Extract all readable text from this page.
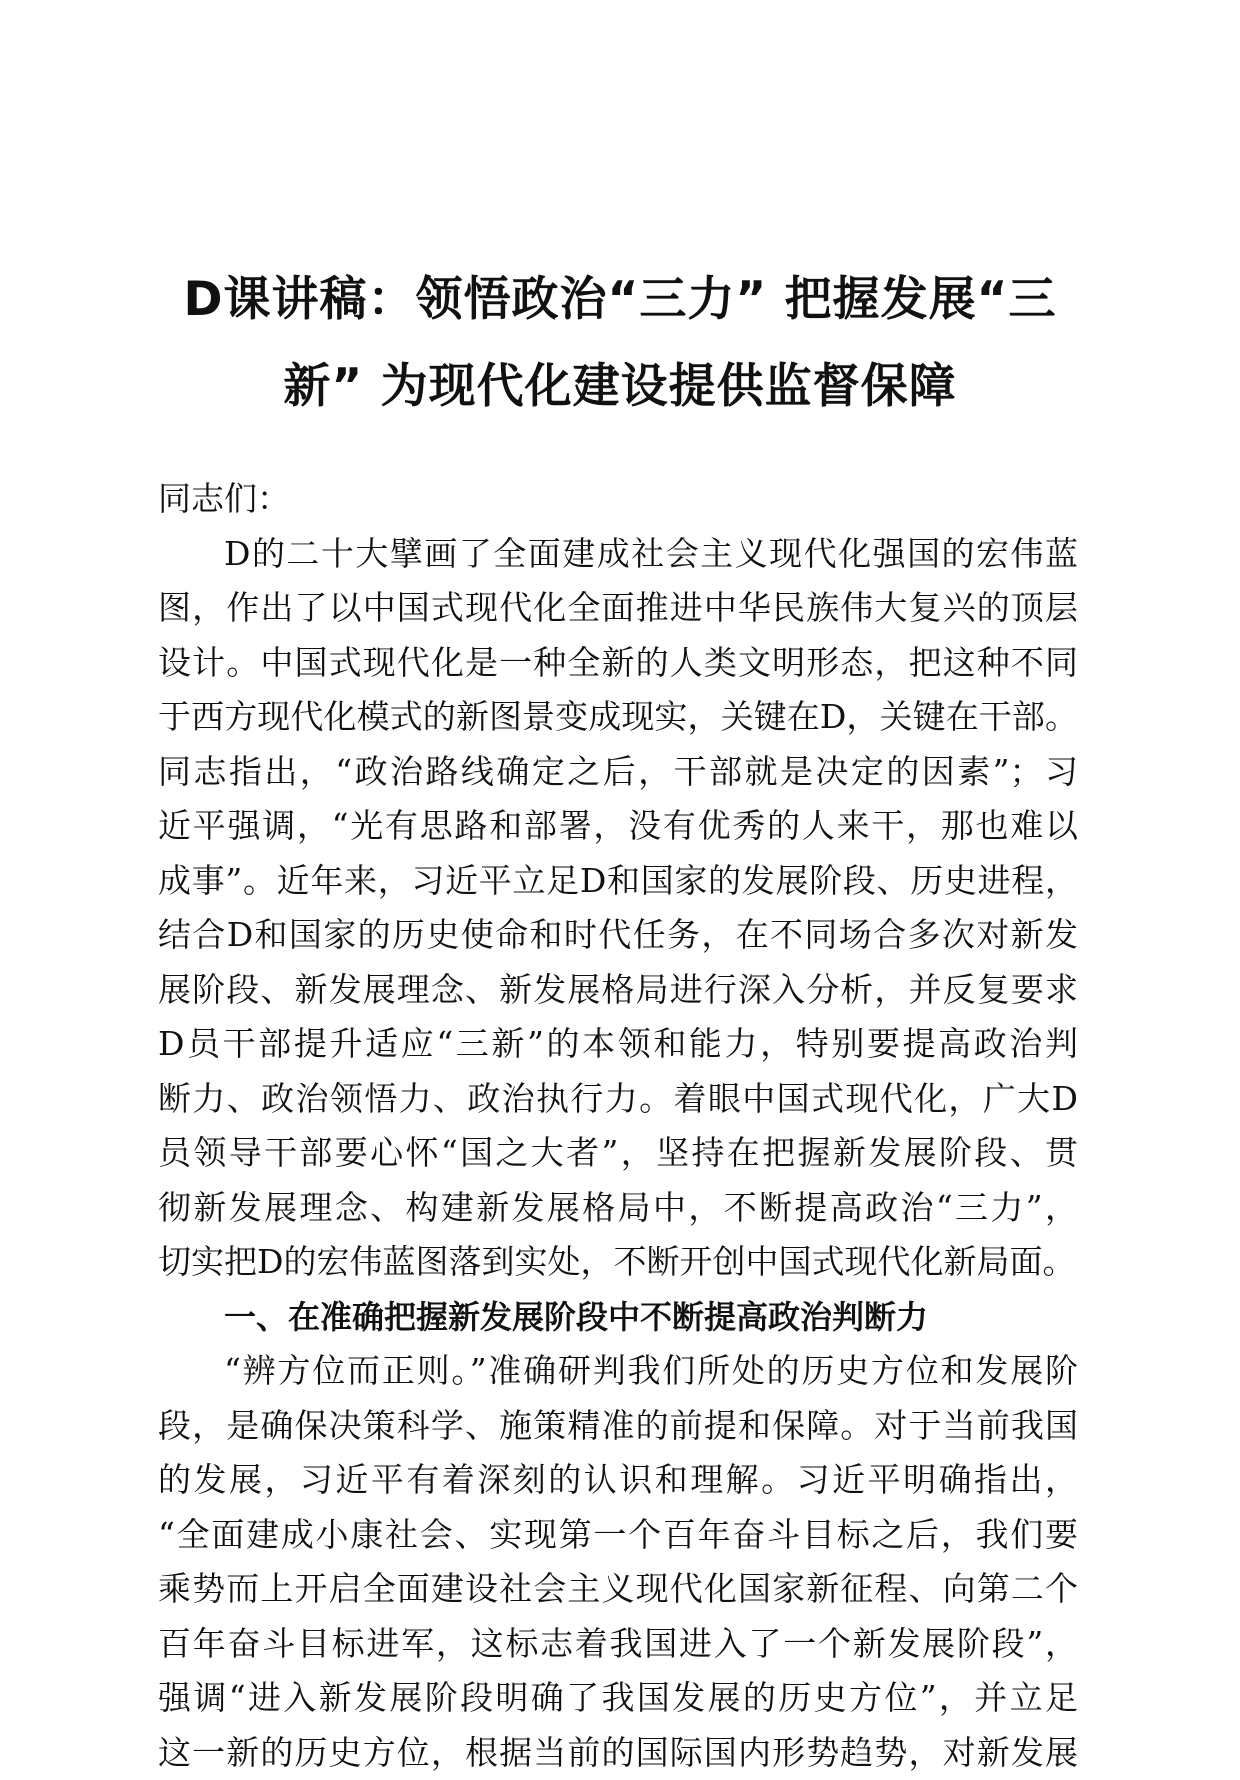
D课讲稿：领悟政治“三力” 把握发展“三
新” 为现代化建设提供监督保障
同志们：
D的二十大擘画了全面建成社会主义现代化强国的宏伟蓝
图，作出了以中国式现代化全面推进中华民族伟大复兴的顶层
设计。中国式现代化是一种全新的人类文明形态，把这种不同
于西方现代化模式的新图景变成现实，关键在D，关键在干部。
同志指出，“政治路线确定之后，干部就是决定的因素”；习
近平强调，“光有思路和部署，没有优秀的人来干，那也难以
成事”。近年来，习近平立足D和国家的发展阶段、历史进程，
结合D和国家的历史使命和时代任务，在不同场合多次对新发
展阶段、新发展理念、新发展格局进行深入分析，并反复要求
D员干部提升适应“三新”的本领和能力，特别要提高政治判
断力、政治领悟力、政治执行力。着眼中国式现代化，广大D
员领导干部要心怀“国之大者”，坚持在把握新发展阶段、贯
彻新发展理念、构建新发展格局中，不断提高政治“三力”，
切实把D的宏伟蓝图落到实处，不断开创中国式现代化新局面。
一、在准确把握新发展阶段中不断提高政治判断力
“辨方位而正则。”准确研判我们所处的历史方位和发展阶
段，是确保决策科学、施策精准的前提和保障。对于当前我国
的发展，习近平有着深刻的认识和理解。习近平明确指出，
“全面建成小康社会、实现第一个百年奋斗目标之后，我们要
乘势而上开启全面建设社会主义现代化国家新征程、向第二个
百年奋斗目标进军，这标志着我国进入了一个新发展阶段”，
强调“进入新发展阶段明确了我国发展的历史方位”，并立足
这一新的历史方位，根据当前的国际国内形势趋势，对新发展
